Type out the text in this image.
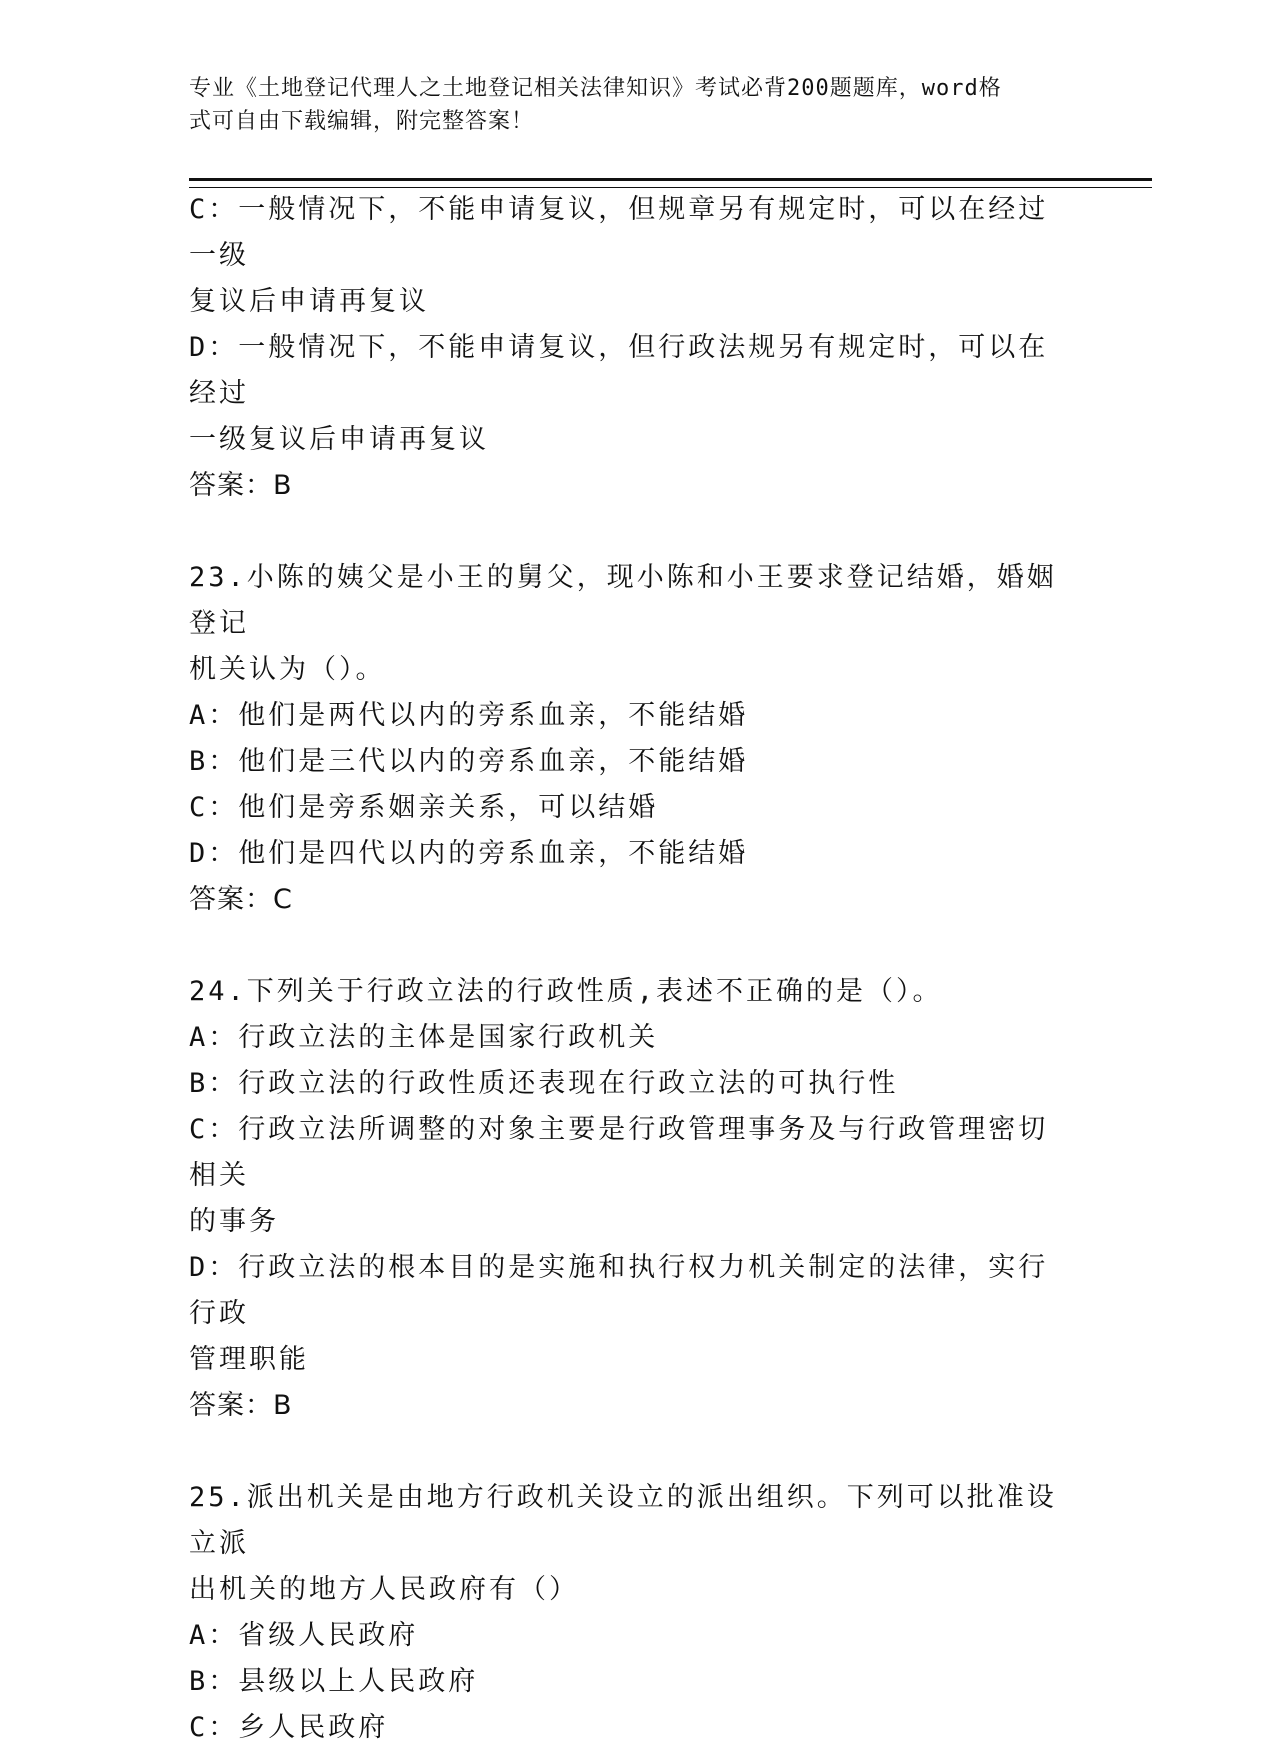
专业《土地登记代理人之土地登记相关法律知识》考试必背200题题库，word格
式可自由下载编辑，附完整答案！
C：一般情况下，不能申请复议，但规章另有规定时，可以在经过一级
复议后申请再复议
D：一般情况下，不能申请复议，但行政法规另有规定时，可以在经过
一级复议后申请再复议
答案：B
23.小陈的姨父是小王的舅父，现小陈和小王要求登记结婚，婚姻登记
机关认为（）。
A：他们是两代以内的旁系血亲，不能结婚
B：他们是三代以内的旁系血亲，不能结婚
C：他们是旁系姻亲关系，可以结婚
D：他们是四代以内的旁系血亲，不能结婚
答案：C
24.下列关于行政立法的行政性质,表述不正确的是（）。
A：行政立法的主体是国家行政机关
B：行政立法的行政性质还表现在行政立法的可执行性
C：行政立法所调整的对象主要是行政管理事务及与行政管理密切相关
的事务
D：行政立法的根本目的是实施和执行权力机关制定的法律，实行行政
管理职能
答案：B
25.派出机关是由地方行政机关设立的派出组织。下列可以批准设立派
出机关的地方人民政府有（）
A：省级人民政府
B：县级以上人民政府
C：乡人民政府
